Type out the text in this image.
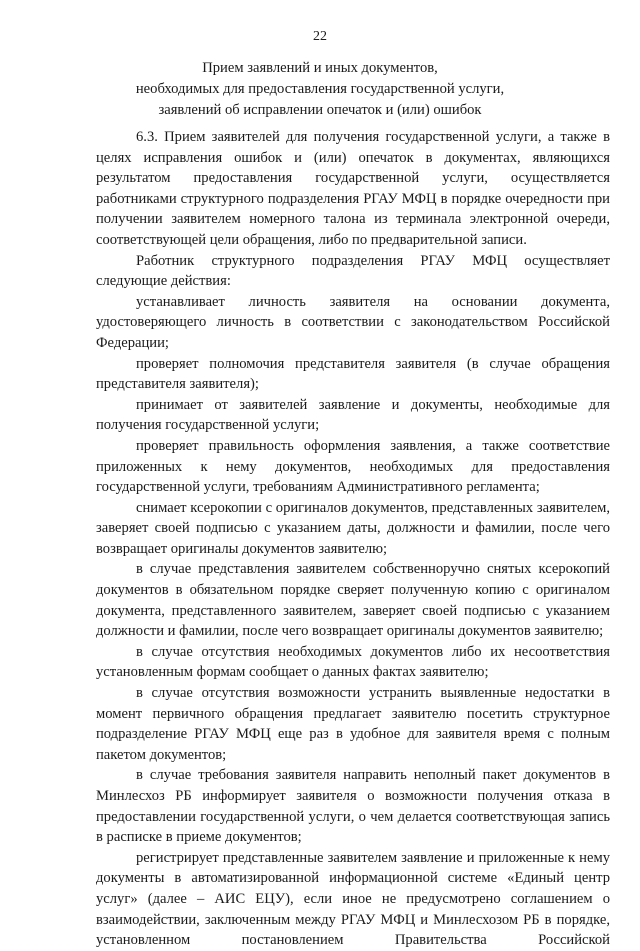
22
Прием заявлений и иных документов,
необходимых для предоставления государственной услуги,
заявлений об исправлении опечаток и (или) ошибок

6.3. Прием заявителей для получения государственной услуги, а также в целях исправления ошибок и (или) опечаток в документах, являющихся результатом предоставления государственной услуги, осуществляется работниками структурного подразделения РГАУ МФЦ в порядке очередности при получении заявителем номерного талона из терминала электронной очереди, соответствующей цели обращения, либо по предварительной записи.

Работник структурного подразделения РГАУ МФЦ осуществляет следующие действия:

устанавливает личность заявителя на основании документа, удостоверяющего личность в соответствии с законодательством Российской Федерации;

проверяет полномочия представителя заявителя (в случае обращения представителя заявителя);

принимает от заявителей заявление и документы, необходимые для получения государственной услуги;

проверяет правильность оформления заявления, а также соответствие приложенных к нему документов, необходимых для предоставления государственной услуги, требованиям Административного регламента;

снимает ксерокопии с оригиналов документов, представленных заявителем, заверяет своей подписью с указанием даты, должности и фамилии, после чего возвращает оригиналы документов заявителю;

в случае представления заявителем собственноручно снятых ксерокопий документов в обязательном порядке сверяет полученную копию с оригиналом документа, представленного заявителем, заверяет своей подписью с указанием должности и фамилии, после чего возвращает оригиналы документов заявителю;

в случае отсутствия необходимых документов либо их несоответствия установленным формам сообщает о данных фактах заявителю;

в случае отсутствия возможности устранить выявленные недостатки в момент первичного обращения предлагает заявителю посетить структурное подразделение РГАУ МФЦ еще раз в удобное для заявителя время с полным пакетом документов;

в случае требования заявителя направить неполный пакет документов в Минлесхоз РБ информирует заявителя о возможности получения отказа в предоставлении государственной услуги, о чем делается соответствующая запись в расписке в приеме документов;

регистрирует представленные заявителем заявление и приложенные к нему документы в автоматизированной информационной системе «Единый центр услуг» (далее – АИС ЕЦУ), если иное не предусмотрено соглашением о взаимодействии, заключенным между РГАУ МФЦ и Минлесхозом РБ в порядке, установленном постановлением Правительства Российской
